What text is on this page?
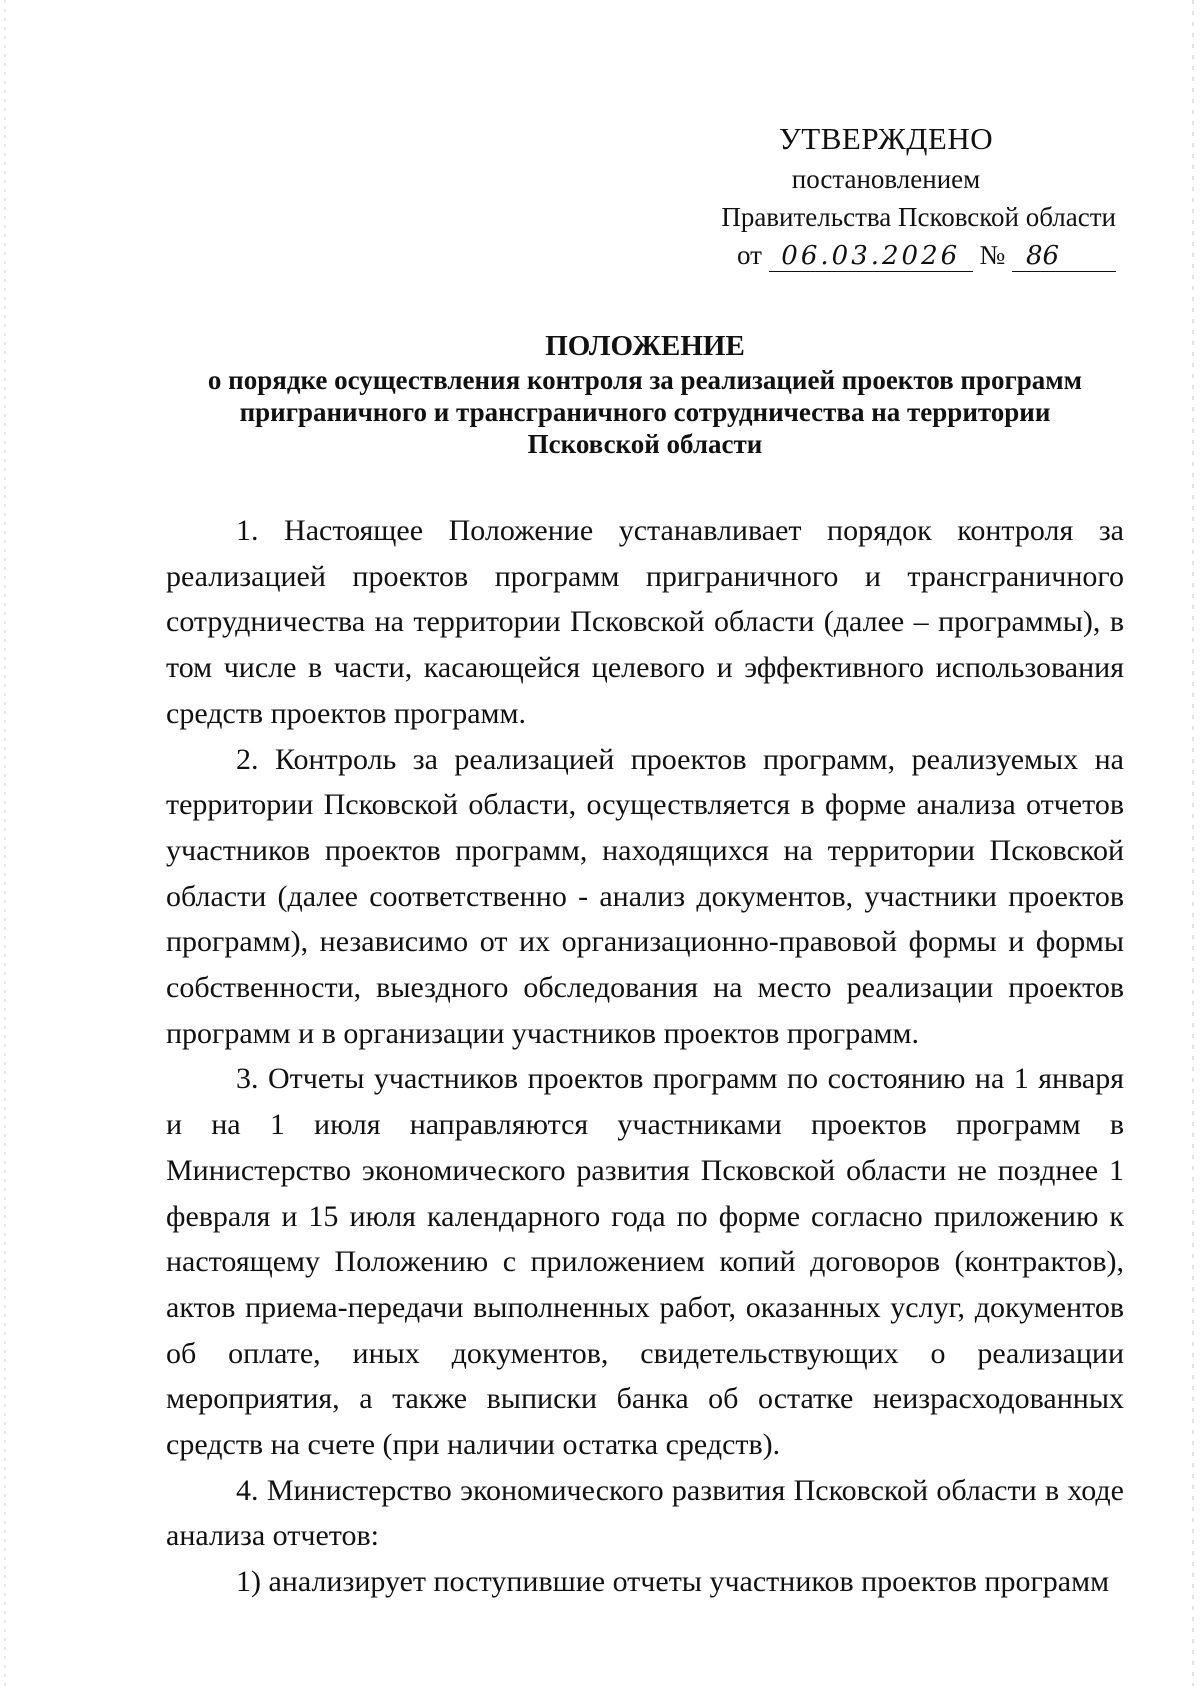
УТВЕРЖДЕНО
постановлением
Правительства Псковской области
от 06.03.2026 № 86
ПОЛОЖЕНИЕ
о порядке осуществления контроля за реализацией проектов программ
приграничного и трансграничного сотрудничества на территории
Псковской области

1. Настоящее Положение устанавливает порядок контроля за реализацией проектов программ приграничного и трансграничного сотрудничества на территории Псковской области (далее – программы), в том числе в части, касающейся целевого и эффективного использования средств проектов программ.

2. Контроль за реализацией проектов программ, реализуемых на территории Псковской области, осуществляется в форме анализа отчетов участников проектов программ, находящихся на территории Псковской области (далее соответственно - анализ документов, участники проектов программ), независимо от их организационно-правовой формы и формы собственности, выездного обследования на место реализации проектов программ и в организации участников проектов программ.

3. Отчеты участников проектов программ по состоянию на 1 января и на 1 июля направляются участниками проектов программ в Министерство экономического развития Псковской области не позднее 1 февраля и 15 июля календарного года по форме согласно приложению к настоящему Положению с приложением копий договоров (контрактов), актов приема-передачи выполненных работ, оказанных услуг, документов об оплате, иных документов, свидетельствующих о реализации мероприятия, а также выписки банка об остатке неизрасходованных средств на счете (при наличии остатка средств).

4. Министерство экономического развития Псковской области в ходе анализа отчетов:

1) анализирует поступившие отчеты участников проектов программ
